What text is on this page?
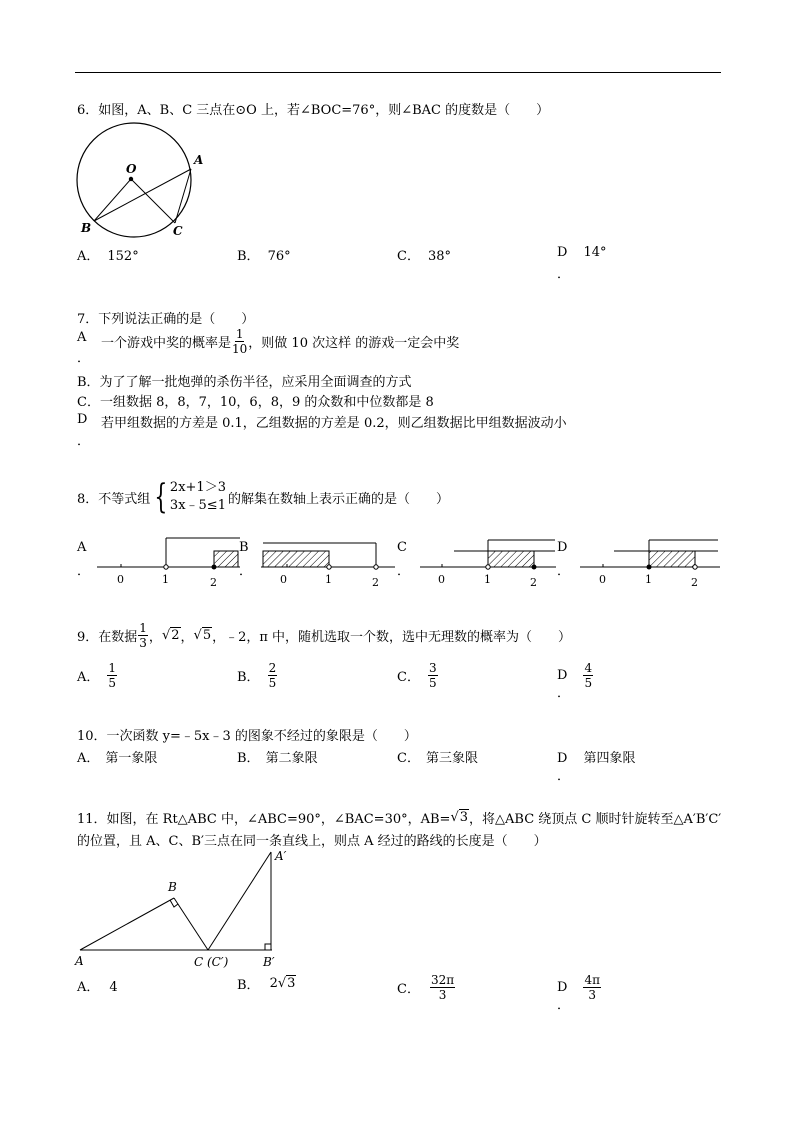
6．如图，A、B、C 三点在⊙O 上，若∠BOC=76°，则∠BAC 的度数是（　　）
O
A
B	C
A． 152°	B． 76°	C． 38°	D 14°
．
7．下列说法正确的是（　　）
A
．
一个游戏中奖的概率是 $\frac{1}{10}$ ，则做 10 次这样 的游戏一定会中奖
B．为了了解一批炮弹的杀伤半径，应采用全面调查的方式
C．一组数据 8，8，7，10，6，8，9 的众数和中位数都是 8
D
．
若甲组数据的方差是 0.1，乙组数据的方差是 0.2，则乙组数据比甲组数据波动小
8．不等式组 { 2x+1＞3
3x﹣5≤1 的解集在数轴上表示正确的是（　　）
A
．
B
．
C
．
D
．
0	1	2	0	1	2	0	1	2	0	1	2
9．在数据 $\frac{1}{3}$ ， √2 ， √5 ，﹣2，π 中，随机选取一个数，选中无理数的概率为（　　）
A． $\frac{1}{5}$	B． $\frac{2}{5}$	C． $\frac{3}{5}$	D $\frac{4}{5}$
．
10．一次函数 y=﹣5x﹣3 的图象不经过的象限是（　　）
A． 第一象限	B． 第二象限	C． 第三象限	D 第四象限
．
11．如图，在 Rt△ABC 中，∠ABC=90°，∠BAC=30°，AB= √3 ，将△ABC 绕顶点 C 顺时针旋转至△A′B′C′
的位置，且 A、C、B′三点在同一条直线上，则点 A 经过的路线的长度是（　　）
B
A	C (C′)	B′
A′
A． 4	B． 2 √3	C． $\frac{32\pi}{3}$	D $\frac{4\pi}{3}$
．
